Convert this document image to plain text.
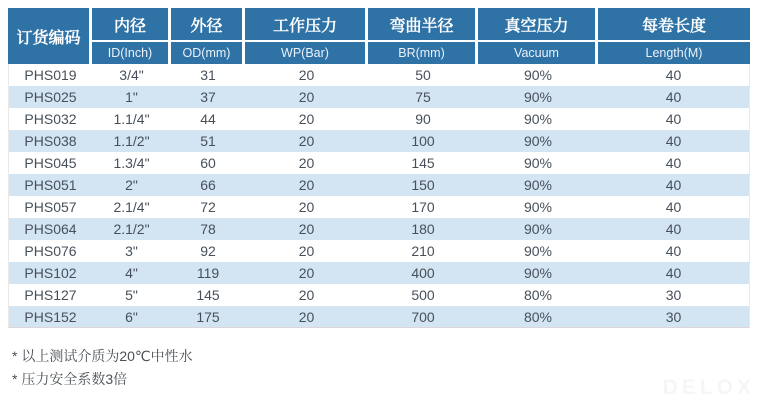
订货编码	内径	外径	工作压力	弯曲半径	真空压力	每卷长度
	ID(Inch)	OD(mm)	WP(Bar)	BR(mm)	Vacuum	Length(M)
PHS019	3/4"	31	20	50	90%	40
PHS025	1"	37	20	75	90%	40
PHS032	1.1/4"	44	20	90	90%	40
PHS038	1.1/2"	51	20	100	90%	40
PHS045	1.3/4"	60	20	145	90%	40
PHS051	2"	66	20	150	90%	40
PHS057	2.1/4"	72	20	170	90%	40
PHS064	2.1/2"	78	20	180	90%	40
PHS076	3"	92	20	210	90%	40
PHS102	4"	119	20	400	90%	40
PHS127	5"	145	20	500	80%	30
PHS152	6"	175	20	700	80%	30
* 以上测试介质为20℃中性水
* 压力安全系数3倍	DELOX
